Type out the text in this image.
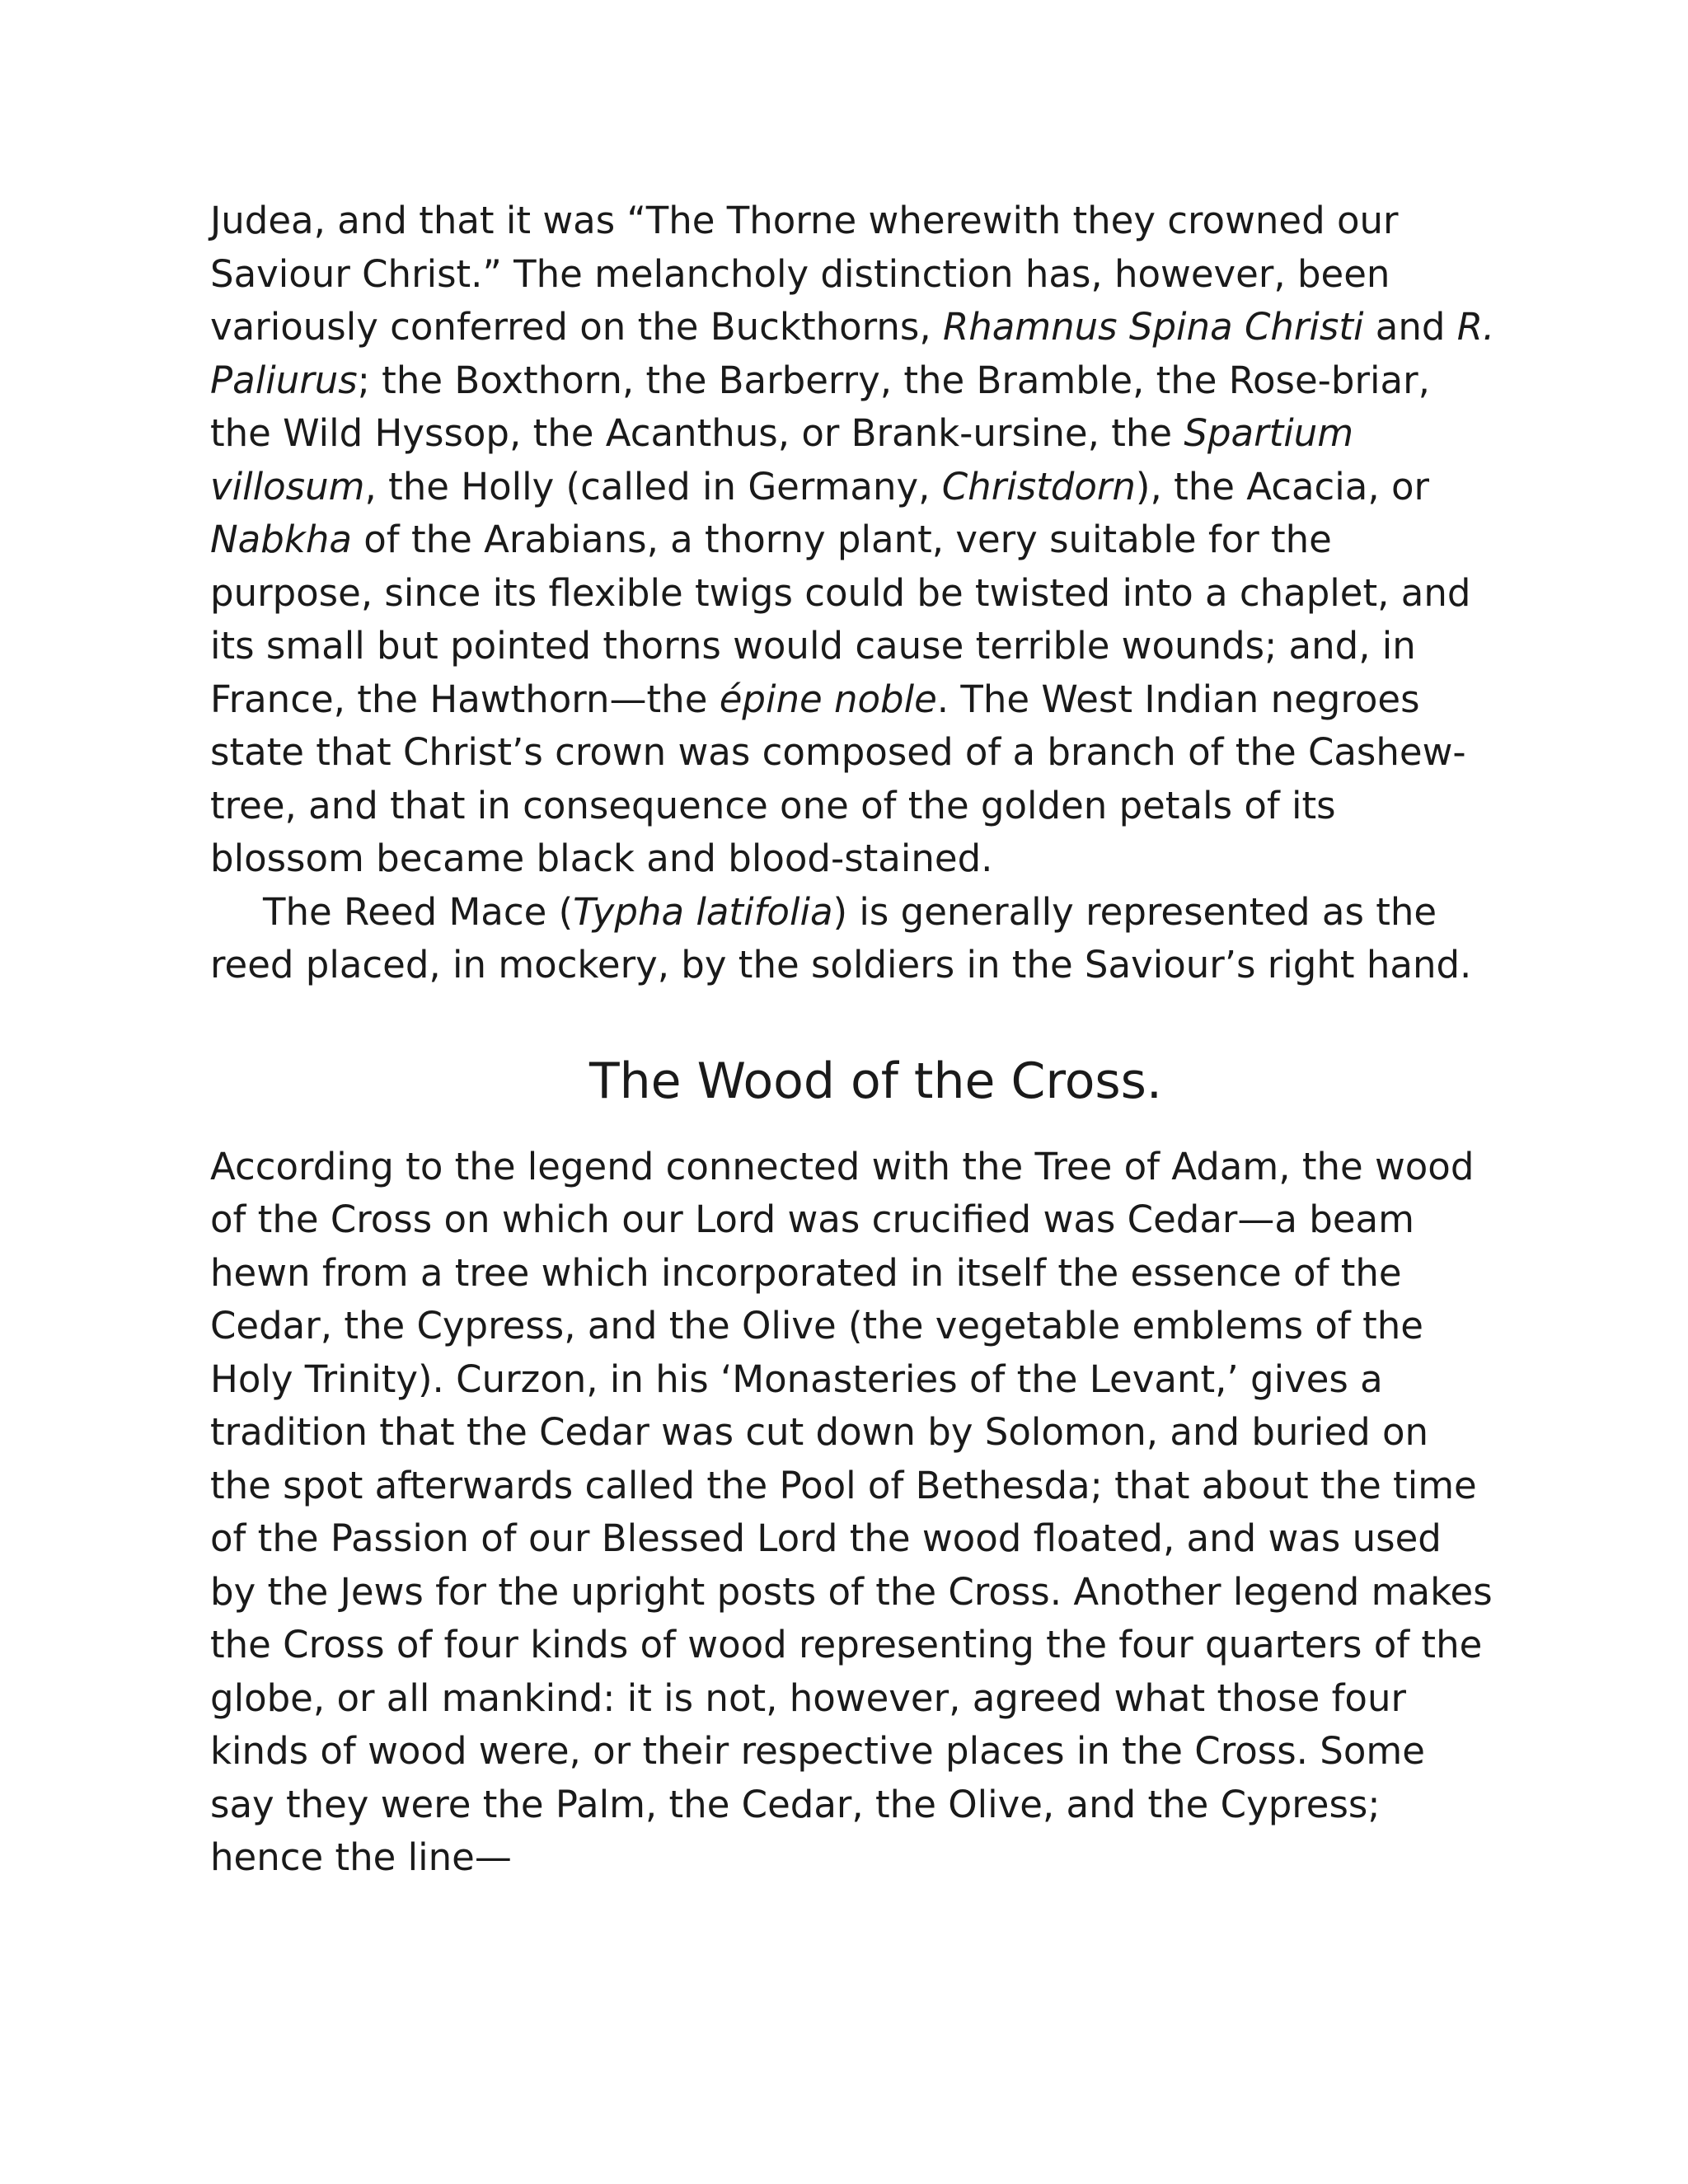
Judea, and that it was “The Thorne wherewith they crowned our Saviour Christ.” The melancholy distinction has, however, been variously conferred on the Buckthorns, Rhamnus Spina Christi and R. Paliurus; the Boxthorn, the Barberry, the Bramble, the Rose-briar, the Wild Hyssop, the Acanthus, or Brank-ursine, the Spartium villosum, the Holly (called in Germany, Christdorn), the Acacia, or Nabkha of the Arabians, a thorny plant, very suitable for the purpose, since its flexible twigs could be twisted into a chaplet, and its small but pointed thorns would cause terrible wounds; and, in France, the Hawthorn—the épine noble. The West Indian negroes state that Christ’s crown was composed of a branch of the Cashew-tree, and that in consequence one of the golden petals of its blossom became black and blood-stained.

The Reed Mace (Typha latifolia) is generally represented as the reed placed, in mockery, by the soldiers in the Saviour’s right hand.

The Wood of the Cross.

According to the legend connected with the Tree of Adam, the wood of the Cross on which our Lord was crucified was Cedar—a beam hewn from a tree which incorporated in itself the essence of the Cedar, the Cypress, and the Olive (the vegetable emblems of the Holy Trinity). Curzon, in his ‘Monasteries of the Levant,’ gives a tradition that the Cedar was cut down by Solomon, and buried on the spot afterwards called the Pool of Bethesda; that about the time of the Passion of our Blessed Lord the wood floated, and was used by the Jews for the upright posts of the Cross. Another legend makes the Cross of four kinds of wood representing the four quarters of the globe, or all mankind: it is not, however, agreed what those four kinds of wood were, or their respective places in the Cross. Some say they were the Palm, the Cedar, the Olive, and the Cypress; hence the line—
